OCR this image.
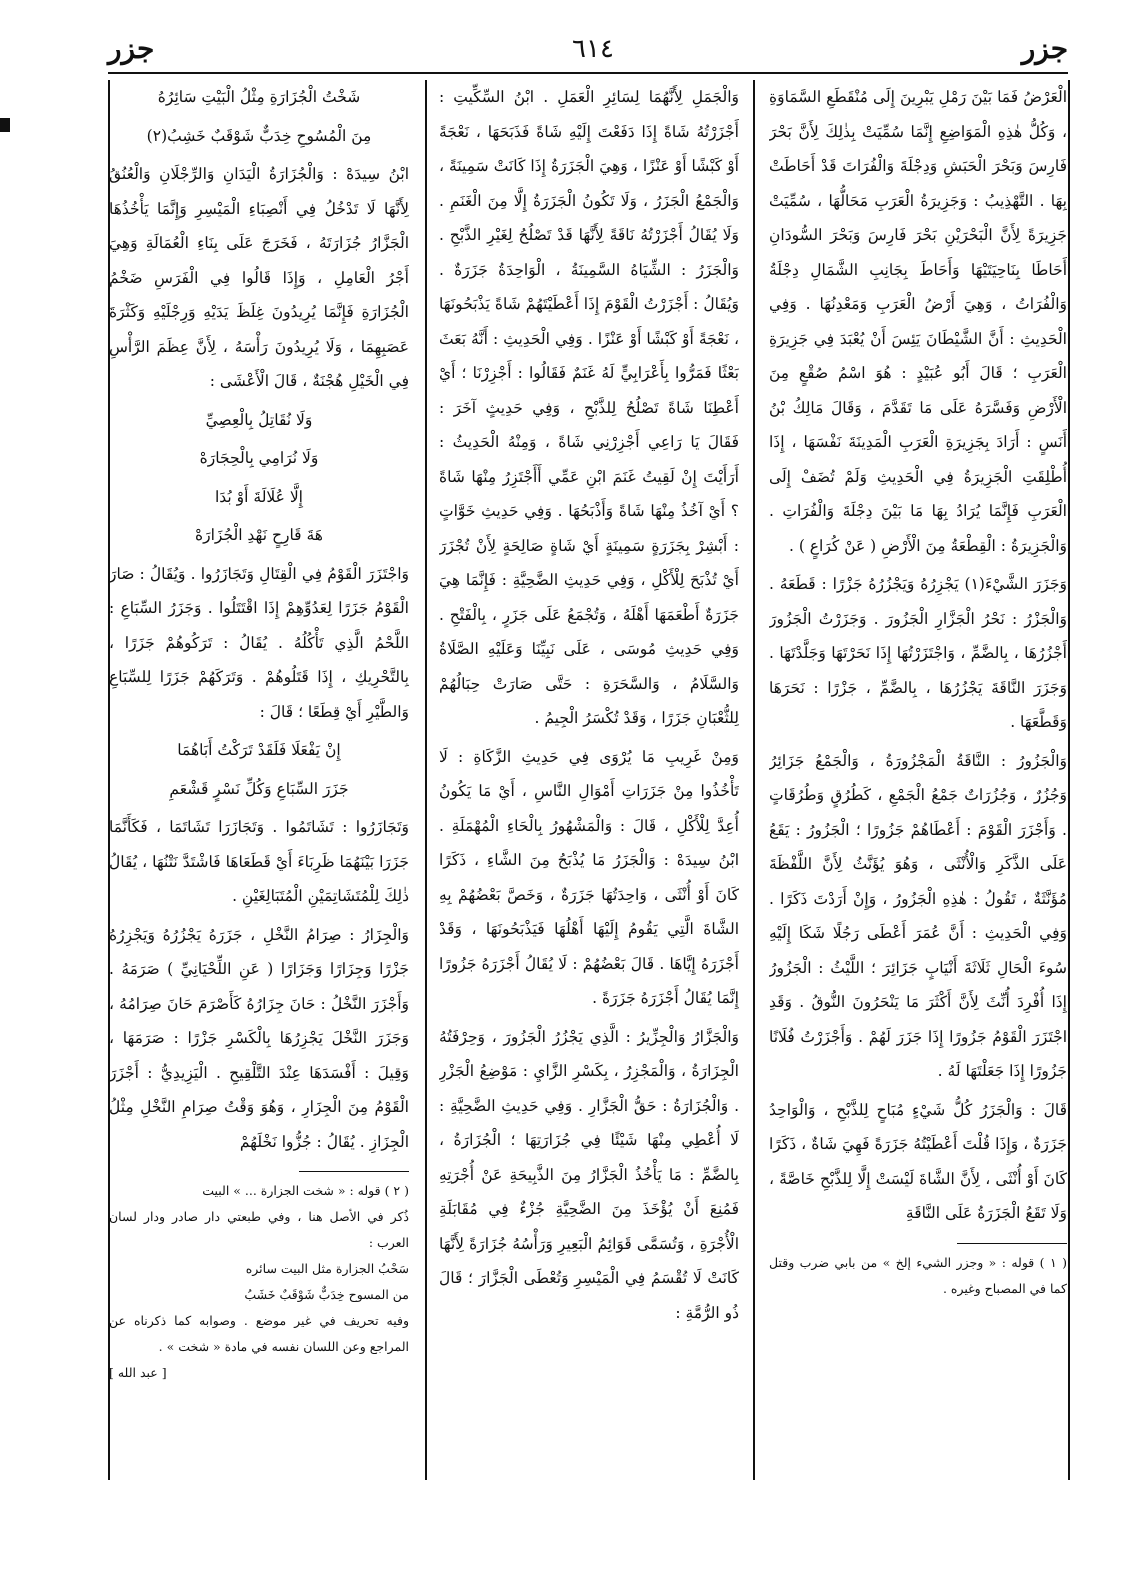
جزر
٦١٤
جزر

الْعَرْضُ فَمَا بَيْنَ رَمْلِ يَبْرِينَ إِلَى مُنْقَطَعِ السَّمَاوَةِ ، وَكُلُّ هٰذِهِ الْمَوَاضِعِ إِنَّمَا سُمِّيَتْ بِذٰلِكَ لِأَنَّ بَحْرَ فَارِسَ وَبَحْرَ الْحَبَشِ وَدِجْلَةَ وَالْفُرَاتَ قَدْ أَحَاطَتْ بِهَا . التَّهْذِيبُ : وَجَزِيرَةُ الْعَرَبِ مَحَالُّهَا ، سُمِّيَتْ جَزِيرَةً لِأَنَّ الْبَحْرَيْنِ بَحْرَ فَارِسَ وَبَحْرَ السُّودَانِ أَحَاطَا بِنَاحِيَتَيْهَا وَأَحَاطَ بِجَانِبِ الشَّمَالِ دِجْلَةُ وَالْفُرَاتُ ، وَهِيَ أَرْضُ الْعَرَبِ وَمَعْدِنُهَا . وَفِي الْحَدِيثِ : أَنَّ الشَّيْطَانَ يَئِسَ أَنْ يُعْبَدَ فِي جَزِيرَةِ الْعَرَبِ ؛ قَالَ أَبُو عُبَيْدٍ : هُوَ اسْمُ صُقْعٍ مِنَ الْأَرْضِ وَفَسَّرَهُ عَلَى مَا تَقَدَّمَ ، وَقَالَ مَالِكُ بْنُ أَنَسٍ : أَرَادَ بِجَزِيرَةِ الْعَرَبِ الْمَدِينَةَ نَفْسَهَا ، إِذَا أُطْلِقَتِ الْجَزِيرَةُ فِي الْحَدِيثِ وَلَمْ تُضَفْ إِلَى الْعَرَبِ فَإِنَّمَا يُرَادُ بِهَا مَا بَيْنَ دِجْلَةَ وَالْفُرَاتِ . وَالْجَزِيرَةُ : الْقِطْعَةُ مِنَ الْأَرْضِ ( عَنْ كُرَاعٍ ) .

وَجَزَرَ الشَّيْءَ(١) يَجْزِرُهُ وَيَجْزُرُهُ جَزْرًا : قَطَعَهُ . وَالْجَزْرُ : نَحْرُ الْجَزَّارِ الْجَزُورَ . وَجَزَرْتُ الْجَزُورَ أَجْزُرُهَا ، بِالضَّمِّ ، وَاجْتَزَرْتُهَا إِذَا نَحَرْتَهَا وَجَلَّدْتَهَا . وَجَزَرَ النَّاقَةَ يَجْزُرُهَا ، بِالضَّمِّ ، جَزْرًا : نَحَرَهَا وَقَطَّعَهَا .

وَالْجَزُورُ : النَّاقَةُ الْمَجْزُورَةُ ، وَالْجَمْعُ جَزَائِرُ وَجُزُرٌ ، وَجُزُرَاتٌ جَمْعُ الْجَمْعِ ، كَطُرُقٍ وَطُرُقَاتٍ . وَأَجْزَرَ الْقَوْمَ : أَعْطَاهُمْ جَزُورًا ؛ الْجَزُورُ : يَقَعُ عَلَى الذَّكَرِ وَالْأُنْثَى ، وَهُوَ يُؤَنَّثُ لِأَنَّ اللَّفْظَةَ مُؤَنَّثَةٌ ، تَقُولُ : هٰذِهِ الْجَزُورُ ، وَإِنْ أَرَدْتَ ذَكَرًا . وَفِي الْحَدِيثِ : أَنَّ عُمَرَ أَعْطَى رَجُلًا شَكَا إِلَيْهِ سُوءَ الْحَالِ ثَلَاثَةَ أَنْيَابٍ جَزَائِرَ ؛ اللَّيْثُ : الْجَزُورُ إِذَا أُفْرِدَ أُنِّثَ لِأَنَّ أَكْثَرَ مَا يَنْحَرُونَ النُّوقُ . وَقَدِ اجْتَزَرَ الْقَوْمُ جَزُورًا إِذَا جَزَرَ لَهُمْ . وَأَجْزَرْتُ فُلَانًا جَزُورًا إِذَا جَعَلْتَهَا لَهُ .

قَالَ : وَالْجَزَرُ كُلُّ شَيْءٍ مُبَاحٍ لِلذَّبْحِ ، وَالْوَاحِدُ جَزَرَةٌ ، وَإِذَا قُلْتَ أَعْطَيْتُهُ جَزَرَةً فَهِيَ شَاةٌ ، ذَكَرًا كَانَ أَوْ أُنْثَى ، لِأَنَّ الشَّاةَ لَيْسَتْ إِلَّا لِلذَّبْحِ خَاصَّةً ، وَلَا تَقَعُ الْجَزَرَةُ عَلَى النَّاقَةِ

( ١ ) قوله : « وجزر الشيء إلخ » من بابي ضرب وقتل كما في المصباح وغيره .

وَالْجَمَلِ لِأَنَّهُمَا لِسَائِرِ الْعَمَلِ . ابْنُ السِّكِّيتِ : أَجْزَرْتُهُ شَاةً إِذَا دَفَعْتَ إِلَيْهِ شَاةً فَذَبَحَهَا ، نَعْجَةً أَوْ كَبْشًا أَوْ عَنْزًا ، وَهِيَ الْجَزَرَةُ إِذَا كَانَتْ سَمِينَةً ، وَالْجَمْعُ الْجَزَرُ ، وَلَا تَكُونُ الْجَزَرَةُ إِلَّا مِنَ الْغَنَمِ . وَلَا يُقَالُ أَجْزَرْتُهُ نَاقَةً لِأَنَّهَا قَدْ تَصْلُحُ لِغَيْرِ الذَّبْحِ . وَالْجَزَرُ : الشِّيَاهُ السَّمِينَةُ ، الْوَاحِدَةُ جَزَرَةٌ . وَيُقَالُ : أَجْزَرْتُ الْقَوْمَ إِذَا أَعْطَيْتَهُمْ شَاةً يَذْبَحُونَهَا ، نَعْجَةً أَوْ كَبْشًا أَوْ عَنْزًا . وَفِي الْحَدِيثِ : أَنَّهُ بَعَثَ بَعْثًا فَمَرُّوا بِأَعْرَابِيٍّ لَهُ غَنَمٌ فَقَالُوا : أَجْزِرْنَا ؛ أَيْ أَعْطِنَا شَاةً تَصْلُحُ لِلذَّبْحِ ، وَفِي حَدِيثٍ آخَرَ : فَقَالَ يَا رَاعِي أَجْزِرْنِي شَاةً ، وَمِنْهُ الْحَدِيثُ : أَرَأَيْتَ إِنْ لَقِيتُ غَنَمَ ابْنِ عَمِّي أَأَجْتَزِرُ مِنْهَا شَاةً ؟ أَيْ آخُذُ مِنْهَا شَاةً وَأَذْبَحُهَا . وَفِي حَدِيثِ خَوَّاتٍ : أَبْشِرْ بِجَزَرَةٍ سَمِينَةٍ أَيْ شَاةٍ صَالِحَةٍ لِأَنْ تُجْزَرَ أَيْ تُذْبَحَ لِلْأَكْلِ ، وَفِي حَدِيثِ الضَّحِيَّةِ : فَإِنَّمَا هِيَ جَزَرَةٌ أَطْعَمَهَا أَهْلَهُ ، وَتُجْمَعُ عَلَى جَزَرٍ ، بِالْفَتْحِ . وَفِي حَدِيثِ مُوسَى ، عَلَى نَبِيِّنَا وَعَلَيْهِ الصَّلَاةُ وَالسَّلَامُ ، وَالسَّحَرَةِ : حَتَّى صَارَتْ حِبَالُهُمْ لِلثُّعْبَانِ جَزَرًا ، وَقَدْ تُكْسَرُ الْجِيمُ .

وَمِنْ غَرِيبِ مَا يُرْوَى فِي حَدِيثِ الزَّكَاةِ : لَا تَأْخُذُوا مِنْ جَزَرَاتِ أَمْوَالِ النَّاسِ ، أَيْ مَا يَكُونُ أُعِدَّ لِلْأَكْلِ ، قَالَ : وَالْمَشْهُورُ بِالْحَاءِ الْمُهْمَلَةِ . ابْنُ سِيدَهْ : وَالْجَزَرُ مَا يُذْبَحُ مِنَ الشَّاءِ ، ذَكَرًا كَانَ أَوْ أُنْثَى ، وَاحِدَتُهَا جَزَرَةٌ ، وَخَصَّ بَعْضُهُمْ بِهِ الشَّاةَ الَّتِي يَقُومُ إِلَيْهَا أَهْلُهَا فَيَذْبَحُونَهَا ، وَقَدْ أَجْزَرَهُ إِيَّاهَا . قَالَ بَعْضُهُمْ : لَا يُقَالُ أَجْزَرَهُ جَزُورًا إِنَّمَا يُقَالُ أَجْزَرَهُ جَزَرَةً .

وَالْجَزَّارُ وَالْجِزِّيرُ : الَّذِي يَجْزُرُ الْجَزُورَ ، وَحِرْفَتُهُ الْجِزَارَةُ ، وَالْمَجْزِرُ ، بِكَسْرِ الزَّايِ : مَوْضِعُ الْجَزْرِ . وَالْجُزَارَةُ : حَقُّ الْجَزَّارِ . وَفِي حَدِيثِ الضَّحِيَّةِ : لَا أُعْطِي مِنْهَا شَيْئًا فِي جُزَارَتِهَا ؛ الْجُزَارَةُ ، بِالضَّمِّ : مَا يَأْخُذُ الْجَزَّارُ مِنَ الذَّبِيحَةِ عَنْ أُجْرَتِهِ فَمُنِعَ أَنْ يُؤْخَذَ مِنَ الضَّحِيَّةِ جُزْءٌ فِي مُقَابَلَةِ الْأُجْرَةِ ، وَتُسَمَّى قَوَائِمُ الْبَعِيرِ وَرَأْسُهُ جُزَارَةً لِأَنَّهَا كَانَتْ لَا تُقْسَمُ فِي الْمَيْسِرِ وَتُعْطَى الْجَزَّارَ ؛ قَالَ ذُو الرُّمَّةِ :

شَخْتُ الْجُزَارَةِ مِثْلُ الْبَيْتِ سَائِرُهُ

مِنَ الْمُسُوحِ خِدَبٌّ شَوْقَبٌ خَشِبُ(٢)

ابْنُ سِيدَهْ : وَالْجُزَارَةُ الْيَدَانِ وَالرِّجْلَانِ وَالْعُنُقُ لِأَنَّهَا لَا تَدْخُلُ فِي أَنْصِبَاءِ الْمَيْسِرِ وَإِنَّمَا يَأْخُذُهَا الْجَزَّارُ جُزَارَتَهُ ، فَخَرَجَ عَلَى بِنَاءِ الْعُمَالَةِ وَهِيَ أَجْرُ الْعَامِلِ ، وَإِذَا قَالُوا فِي الْفَرَسِ ضَخْمُ الْجُزَارَةِ فَإِنَّمَا يُرِيدُونَ غِلَظَ يَدَيْهِ وَرِجْلَيْهِ وَكَثْرَةَ عَصَبِهِمَا ، وَلَا يُرِيدُونَ رَأْسَهُ ، لِأَنَّ عِظَمَ الرَّأْسِ فِي الْخَيْلِ هُجْنَةٌ ، قَالَ الْأَعْشَى :

وَلَا نُقَاتِلُ بِالْعِصِيِّ

وَلَا نُرَامِي بِالْحِجَارَهْ

إِلَّا عُلَالَةَ أَوْ بُدَا

هَةَ قَارِحٍ نَهْدِ الْجُزَارَهْ

وَاجْتَزَرَ الْقَوْمُ فِي الْقِتَالِ وَتَجَازَرُوا . وَيُقَالُ : صَارَ الْقَوْمُ جَزَرًا لِعَدُوِّهِمْ إِذَا اقْتَتَلُوا . وَجَزَرُ السِّبَاعِ : اللَّحْمُ الَّذِي تَأْكُلُهُ . يُقَالُ : تَرَكُوهُمْ جَزَرًا ، بِالتَّحْرِيكِ ، إِذَا قَتَلُوهُمْ . وَتَرَكَهُمْ جَزَرًا لِلسِّبَاعِ وَالطَّيْرِ أَيْ قِطَعًا ؛ قَالَ :

إِنْ يَفْعَلَا فَلَقَدْ تَرَكْتُ أَبَاهُمَا

جَزَرَ السِّبَاعِ وَكُلِّ نَسْرٍ قَشْعَمِ

وَتَجَازَرُوا : تَشَاتَمُوا . وَتَجَازَرَا تَشَاتَمَا ، فَكَأَنَّمَا جَزَرَا بَيْنَهُمَا ظَرِبَاءَ أَيْ قَطَعَاهَا فَاشْتَدَّ نَتْنُهَا ، يُقَالُ ذٰلِكَ لِلْمُتَشَاتِمَيْنِ الْمُتَبَالِغَيْنِ .

وَالْجِزَارُ : صِرَامُ النَّخْلِ ، جَزَرَهُ يَجْزُرُهُ وَيَجْزِرُهُ جَزْرًا وَجِزَارًا وَجَزَارًا ( عَنِ اللِّحْيَانِيِّ ) صَرَمَهُ . وَأَجْزَرَ النَّخْلُ : حَانَ جِزَارُهُ كَأَصْرَمَ حَانَ صِرَامُهُ ، وَجَزَرَ النَّخْلَ يَجْزِرُهَا بِالْكَسْرِ جَزْرًا : صَرَمَهَا ، وَقِيلَ : أَفْسَدَهَا عِنْدَ التَّلْقِيحِ . الْيَزِيدِيُّ : أَجْزَرَ الْقَوْمُ مِنَ الْجِزَارِ ، وَهُوَ وَقْتُ صِرَامِ النَّخْلِ مِثْلُ الْجِزَازِ . يُقَالُ : جُزُّوا نَخْلَهُمْ

( ٢ ) قوله : « شخت الجزارة ... » البيت

ذُكر في الأصل هنا ، وفي طبعتي دار صادر ودار لسان العرب :

سَحْبُ الجزارة مثل البيت سائره

من المسوح خِدَبٌّ شَوْقَبٌ خَشَبُ

وفيه تحريف في غير موضع . وصوابه كما ذكرناه عن المراجع وعن اللسان نفسه في مادة « شخت » .

[ عبد الله ]
